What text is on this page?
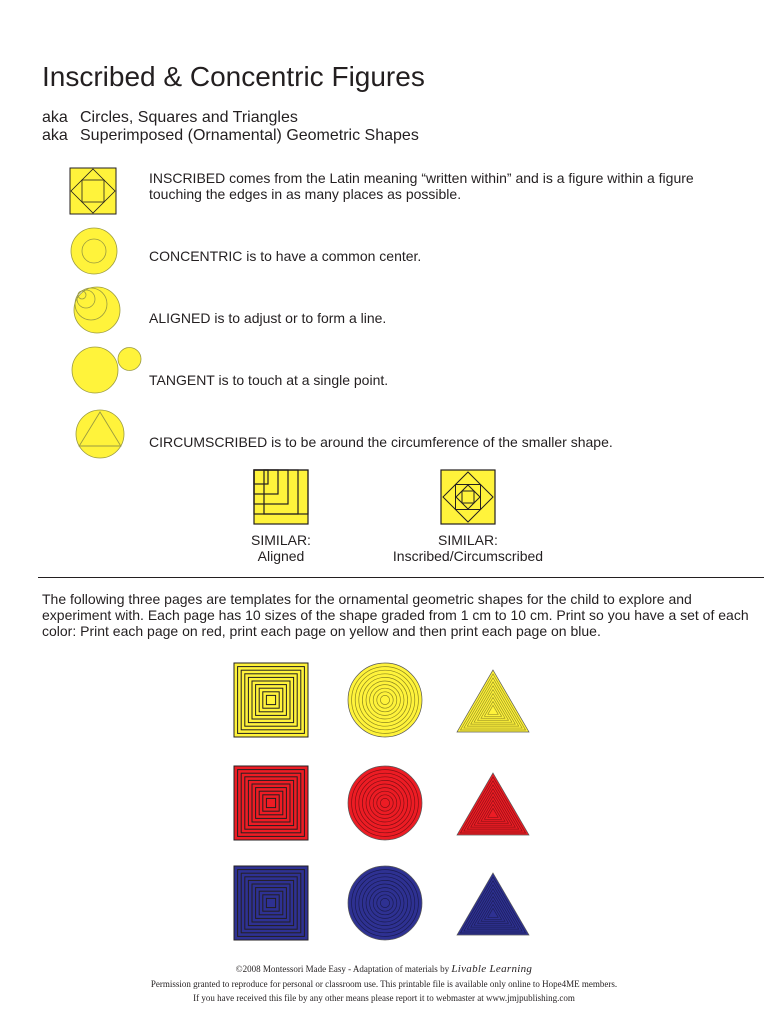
Inscribed & Concentric Figures
aka Circles, Squares and Triangles
aka Superimposed (Ornamental) Geometric Shapes
INSCRIBED comes from the Latin meaning “written within” and is a figure within a figure touching the edges in as many places as possible.
CONCENTRIC is to have a common center.
ALIGNED is to adjust or to form a line.
TANGENT is to touch at a single point.
CIRCUMSCRIBED is to be around the circumference of the smaller shape.
SIMILAR:
Aligned
SIMILAR:
Inscribed/Circumscribed
The following three pages are templates for the ornamental geometric shapes for the child to explore and experiment with. Each page has 10 sizes of the shape graded from 1 cm to 10 cm. Print so you have a set of each color: Print each page on red, print each page on yellow and then print each page on blue.
©2008 Montessori Made Easy - Adaptation of materials by Livable Learning
Permission granted to reproduce for personal or classroom use. This printable file is available only online to Hope4ME members.
If you have received this file by any other means please report it to webmaster at www.jmjpublishing.com
